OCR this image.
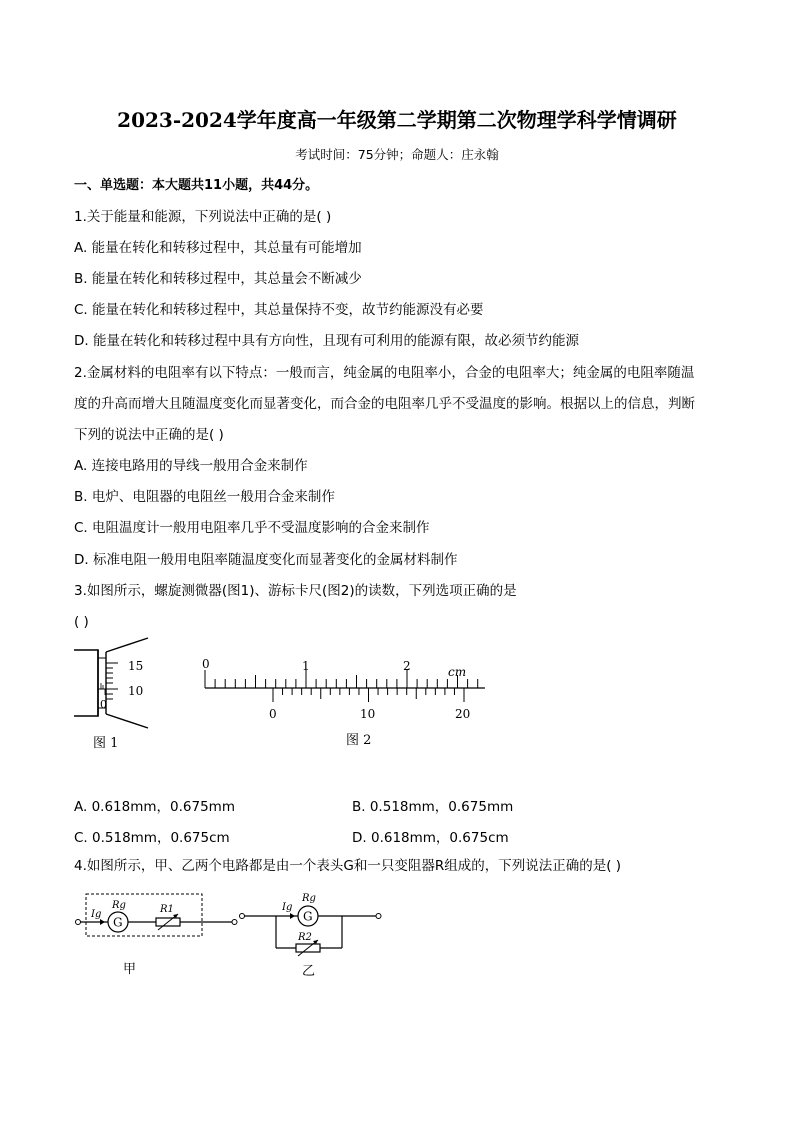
2023-2024学年度高一年级第二学期第二次物理学科学情调研
考试时间：75分钟；命题人：庄永翰
一、单选题：本大题共11小题，共44分。
1.关于能量和能源，下列说法中正确的是( )
A. 能量在转化和转移过程中，其总量有可能增加
B. 能量在转化和转移过程中，其总量会不断减少
C. 能量在转化和转移过程中，其总量保持不变，故节约能源没有必要
D. 能量在转化和转移过程中具有方向性，且现有可利用的能源有限，故必须节约能源
2.金属材料的电阻率有以下特点：一般而言，纯金属的电阻率小，合金的电阻率大；纯金属的电阻率随温
度的升高而增大且随温度变化而显著变化，而合金的电阻率几乎不受温度的影响。根据以上的信息，判断
下列的说法中正确的是( )
A. 连接电路用的导线一般用合金来制作
B. 电炉、电阻器的电阻丝一般用合金来制作
C. 电阻温度计一般用电阻率几乎不受温度影响的合金来制作
D. 标准电阻一般用电阻率随温度变化而显著变化的金属材料制作
3.如图所示，螺旋测微器(图1)、游标卡尺(图2)的读数，下列选项正确的是
( )
15
10
0
图 1
0	1	2	cm
0	10	20
图 2
A. 0.618mm，0.675mm	B. 0.518mm，0.675mm
C. 0.518mm，0.675cm	D. 0.618mm，0.675cm
4.如图所示，甲、乙两个电路都是由一个表头G和一只变阻器R组成的，下列说法正确的是( )
G
Ig
Rg	R1
甲
G
Ig
Rg
R2
乙
